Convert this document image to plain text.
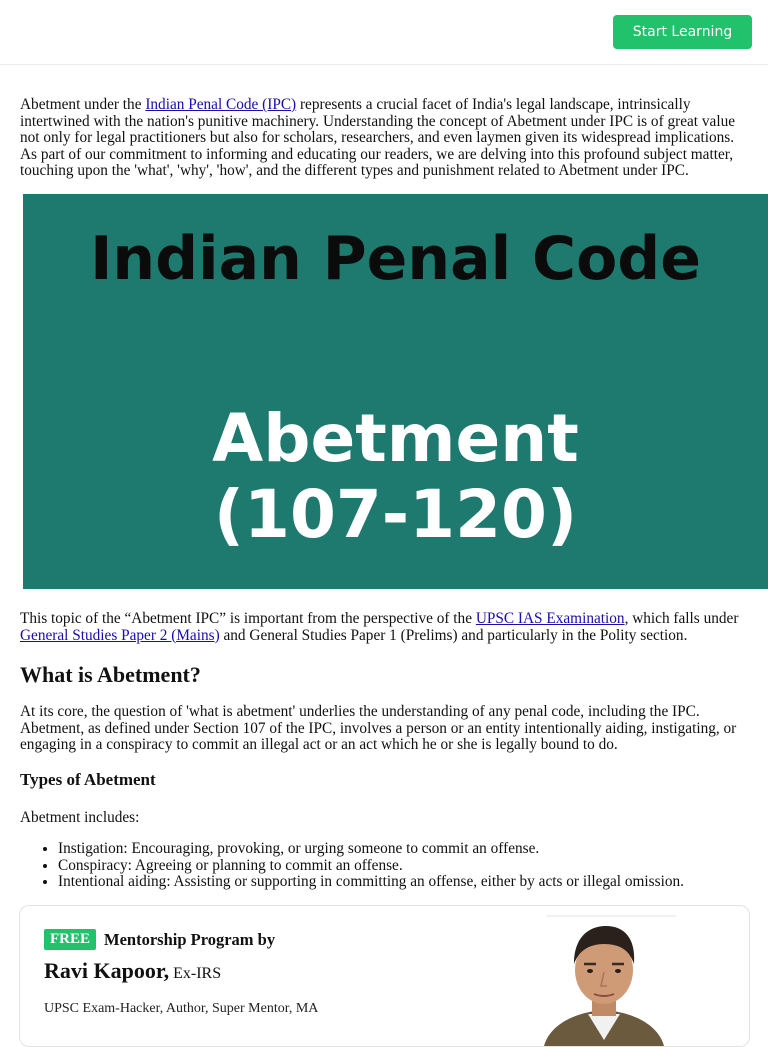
Start Learning

Abetment under the Indian Penal Code (IPC) represents a crucial facet of India's legal landscape, intrinsically intertwined with the nation's punitive machinery. Understanding the concept of Abetment under IPC is of great value not only for legal practitioners but also for scholars, researchers, and even laymen given its widespread implications. As part of our commitment to informing and educating our readers, we are delving into this profound subject matter, touching upon the 'what', 'why', 'how', and the different types and punishment related to Abetment under IPC.

Indian Penal Code
Abetment
(107-120)

This topic of the “Abetment IPC” is important from the perspective of the UPSC IAS Examination, which falls under General Studies Paper 2 (Mains) and General Studies Paper 1 (Prelims) and particularly in the Polity section.

What is Abetment?

At its core, the question of 'what is abetment' underlies the understanding of any penal code, including the IPC. Abetment, as defined under Section 107 of the IPC, involves a person or an entity intentionally aiding, instigating, or engaging in a conspiracy to commit an illegal act or an act which he or she is legally bound to do.

Types of Abetment

Abetment includes:

• Instigation: Encouraging, provoking, or urging someone to commit an offense.
• Conspiracy: Agreeing or planning to commit an offense.
• Intentional aiding: Assisting or supporting in committing an offense, either by acts or illegal omission.
FREE Mentorship Program by
Ravi Kapoor, Ex-IRS
UPSC Exam-Hacker, Author, Super Mentor, MA
